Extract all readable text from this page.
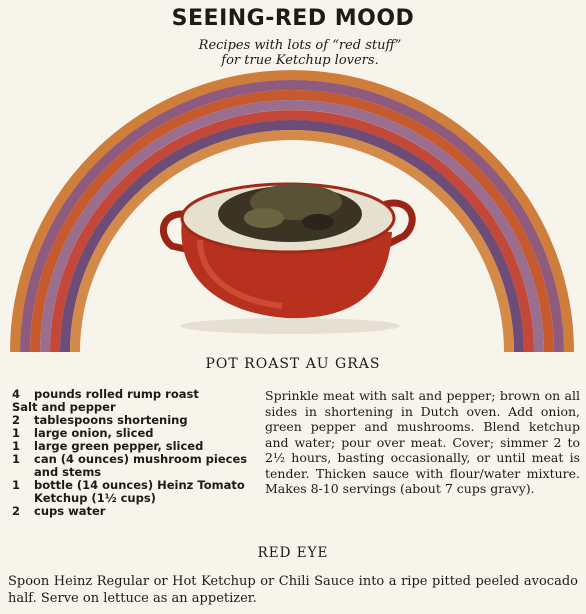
SEEING-RED MOOD
Recipes with lots of “red stuff”
for true Ketchup lovers.
POT ROAST AU GRAS
4	pounds rolled rump roast
Salt and pepper
2	tablespoons shortening
1	large onion, sliced
1	large green pepper, sliced
1	can (4 ounces) mushroom pieces and stems
1	bottle (14 ounces) Heinz Tomato Ketchup (1½ cups)
2	cups water
Sprinkle meat with salt and pepper; brown on all sides in shortening in Dutch oven. Add onion, green pepper and mushrooms. Blend ketchup and water; pour over meat. Cover; simmer 2 to 2½ hours, basting occasionally, or until meat is tender. Thicken sauce with flour/water mixture. Makes 8-10 servings (about 7 cups gravy).
RED EYE
Spoon Heinz Regular or Hot Ketchup or Chili Sauce into a ripe pitted peeled avocado half. Serve on lettuce as an appetizer.
